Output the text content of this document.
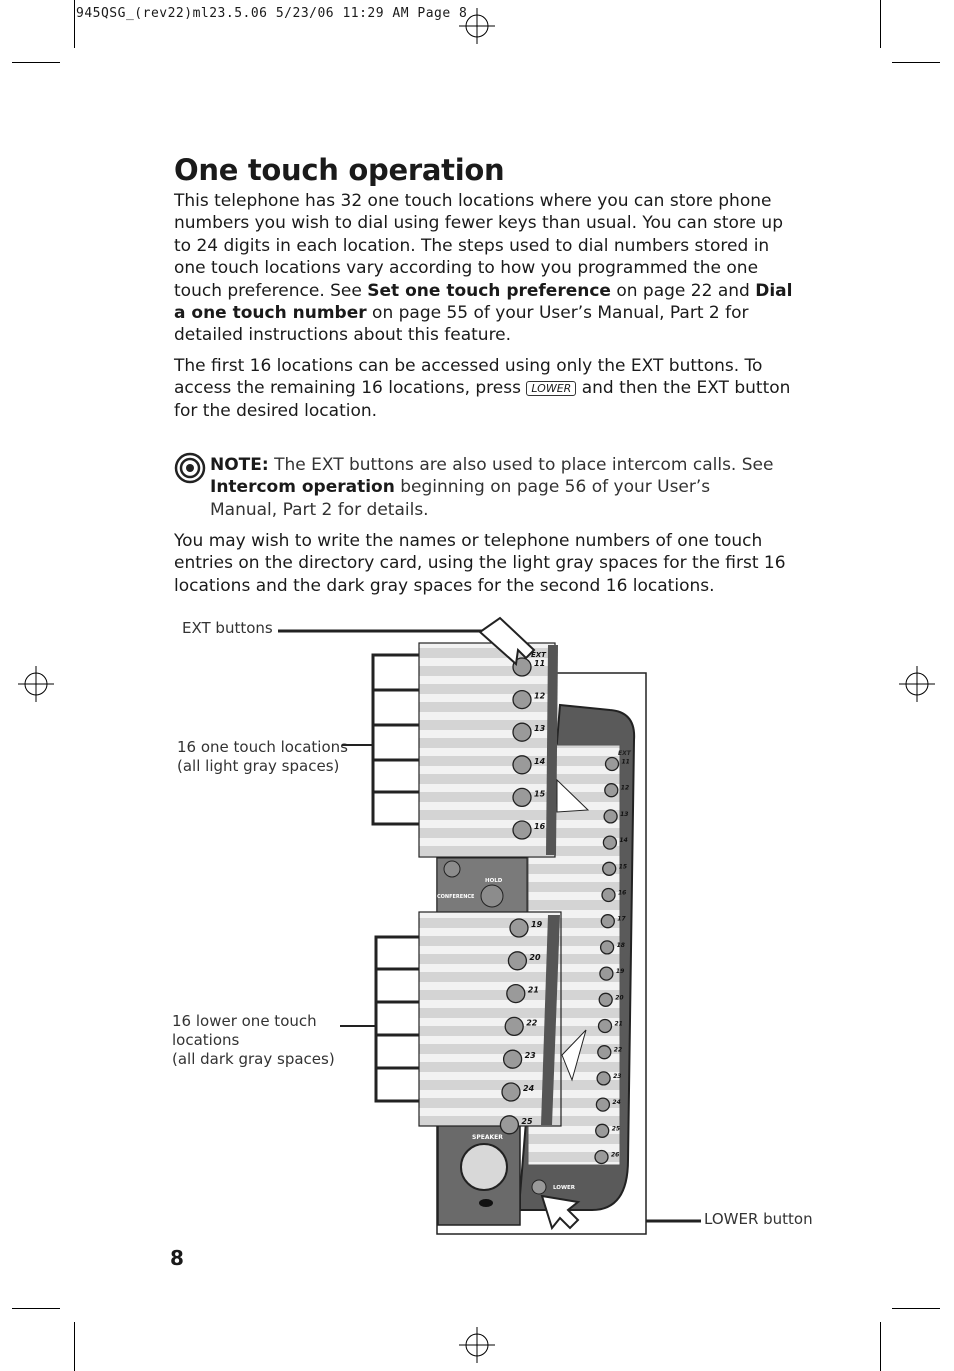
945QSG_(rev22)ml23.5.06 5/23/06 11:29 AM Page 8
One touch operation

This telephone has 32 one touch locations where you can store phone numbers you wish to dial using fewer keys than usual. You can store up to 24 digits in each location. The steps used to dial numbers stored in one touch locations vary according to how you programmed the one touch preference. See Set one touch preference on page 22 and Dial a one touch number on page 55 of your User’s Manual, Part 2 for detailed instructions about this feature.

The first 16 locations can be accessed using only the EXT buttons. To access the remaining 16 locations, press LOWER and then the EXT button for the desired location.

NOTE: The EXT buttons are also used to place intercom calls. See Intercom operation beginning on page 56 of your User’s Manual, Part 2 for details.

You may wish to write the names or telephone numbers of one touch entries on the directory card, using the light gray spaces for the first 16 locations and the dark gray spaces for the second 16 locations.

EXT buttons
16 one touch locations
(all light gray spaces)
16 lower one touch
locations
(all dark gray spaces)
LOWER button
11
12
13
14
15
16
17
18
19
20
21
22
23
24
25
26
EXT
HOLD
CONFERENCE
11
12
13
14
15
16
EXT
19
20
21
22
23
24
25
SPEAKER
LOWER
8
